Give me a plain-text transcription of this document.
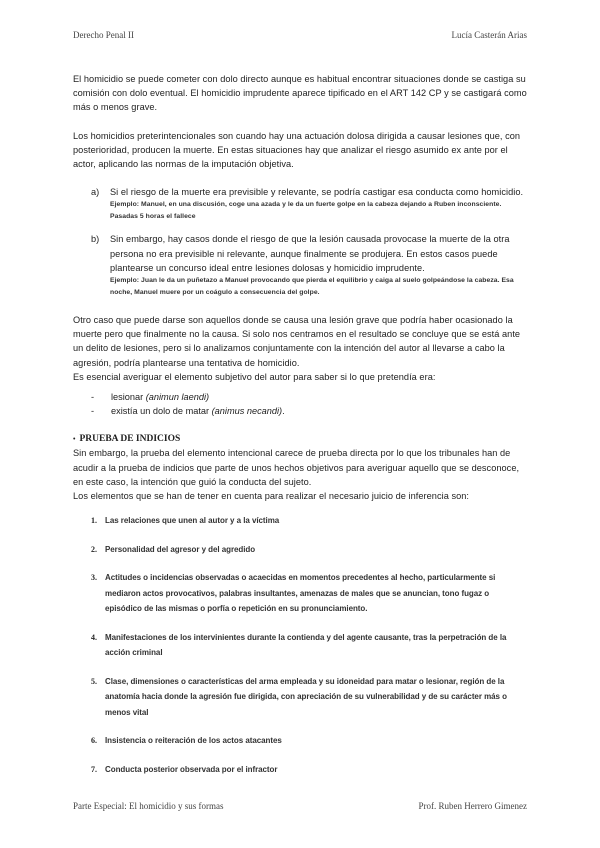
Derecho Penal II	Lucía Casterán Arias

El homicidio se puede cometer con dolo directo aunque es habitual encontrar situaciones donde se castiga su comisión con dolo eventual. El homicidio imprudente aparece tipificado en el ART 142 CP y se castigará como más o menos grave.

Los homicidios preterintencionales son cuando hay una actuación dolosa dirigida a causar lesiones que, con posterioridad, producen la muerte. En estas situaciones hay que analizar el riesgo asumido ex ante por el actor, aplicando las normas de la imputación objetiva.

a)	Si el riesgo de la muerte era previsible y relevante, se podría castigar esa conducta como homicidio.

Ejemplo: Manuel, en una discusión, coge una azada y le da un fuerte golpe en la cabeza dejando a Ruben inconsciente. Pasadas 5 horas el fallece

b)	Sin embargo, hay casos donde el riesgo de que la lesión causada provocase la muerte de la otra persona no era previsible ni relevante, aunque finalmente se produjera. En estos casos puede plantearse un concurso ideal entre lesiones dolosas y homicidio imprudente.

Ejemplo: Juan le da un puñetazo a Manuel provocando que pierda el equilibrio y caiga al suelo golpeándose la cabeza. Esa noche, Manuel muere por un coágulo a consecuencia del golpe.

Otro caso que puede darse son aquellos donde se causa una lesión grave que podría haber ocasionado la muerte pero que finalmente no la causa. Si solo nos centramos en el resultado se concluye que se está ante un delito de lesiones, pero si lo analizamos conjuntamente con la intención del autor al llevarse a cabo la agresión, podría plantearse una tentativa de homicidio.

Es esencial averiguar el elemento subjetivo del autor para saber si lo que pretendía era:

-	lesionar (animun laendi)
-	existía un dolo de matar (animus necandi).
• PRUEBA DE INDICIOS

Sin embargo, la prueba del elemento intencional carece de prueba directa por lo que los tribunales han de acudir a la prueba de indicios que parte de unos hechos objetivos para averiguar aquello que se desconoce, en este caso, la intención que guió la conducta del sujeto.

Los elementos que se han de tener en cuenta para realizar el necesario juicio de inferencia son:

1.	Las relaciones que unen al autor y a la víctima
2.	Personalidad del agresor y del agredido
3.	Actitudes o incidencias observadas o acaecidas en momentos precedentes al hecho, particularmente si mediaron actos provocativos, palabras insultantes, amenazas de males que se anuncian, tono fugaz o episódico de las mismas o porfía o repetición en su pronunciamiento.
4.	Manifestaciones de los intervinientes durante la contienda y del agente causante, tras la perpetración de la acción criminal
5.	Clase, dimensiones o características del arma empleada y su idoneidad para matar o lesionar, región de la anatomía hacia donde la agresión fue dirigida, con apreciación de su vulnerabilidad y de su carácter más o menos vital
6.	Insistencia o reiteración de los actos atacantes
7.	Conducta posterior observada por el infractor
Parte Especial: El homicidio y sus formas	Prof. Ruben Herrero Gimenez
